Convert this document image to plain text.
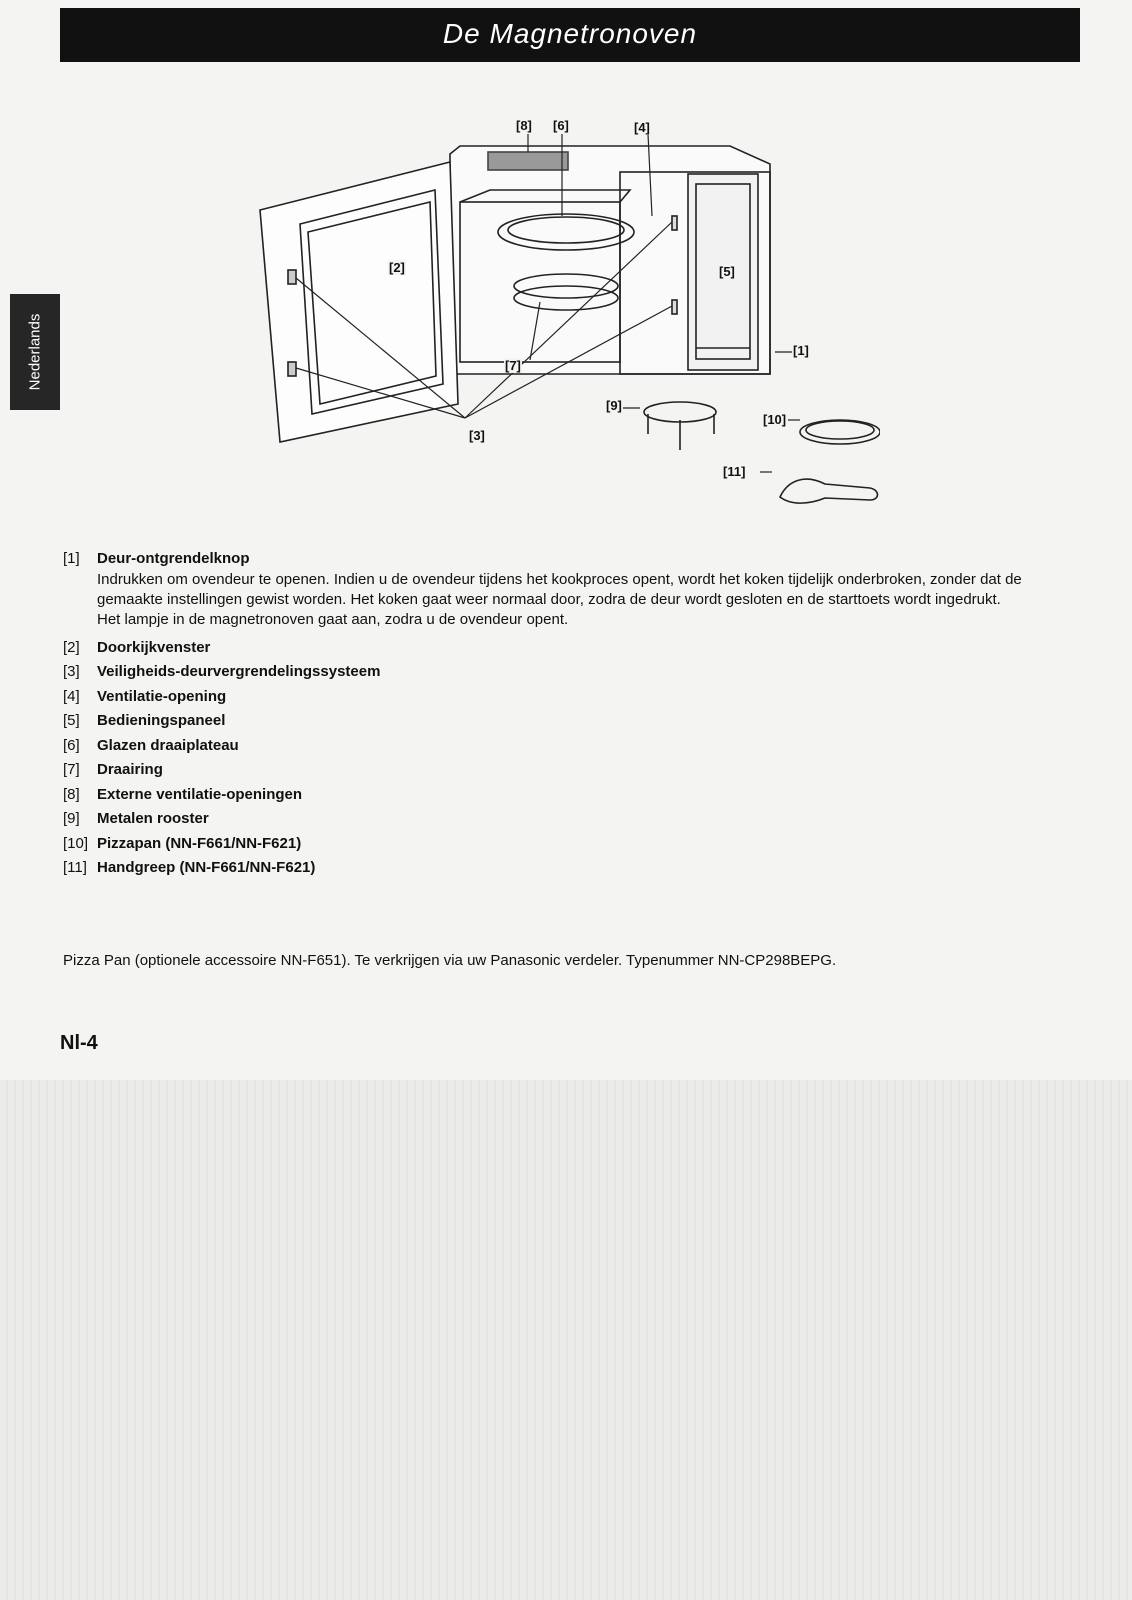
De Magnetronoven
Nederlands
[8] [6]	[4]
[2]	[5]
[1]
[7]
[3]
[9]
[10]
[11]
[1]	Deur-ontgrendelknop

Indrukken om ovendeur te openen. Indien u de ovendeur tijdens het kookproces opent, wordt het koken tijdelijk onderbroken, zonder dat de gemaakte instellingen gewist worden. Het koken gaat weer normaal door, zodra de deur wordt gesloten en de starttoets wordt ingedrukt.

Het lampje in de magnetronoven gaat aan, zodra u de ovendeur opent.

[2]	Doorkijkvenster
[3]	Veiligheids-deurvergrendelingssysteem
[4]	Ventilatie-opening
[5]	Bedieningspaneel
[6]	Glazen draaiplateau
[7]	Draairing
[8]	Externe ventilatie-openingen
[9]	Metalen rooster
[10] Pizzapan (NN-F661/NN-F621)
[11] Handgreep (NN-F661/NN-F621)
Pizza Pan (optionele accessoire NN-F651). Te verkrijgen via uw Panasonic verdeler. Typenummer NN-CP298BEPG.
Nl-4
